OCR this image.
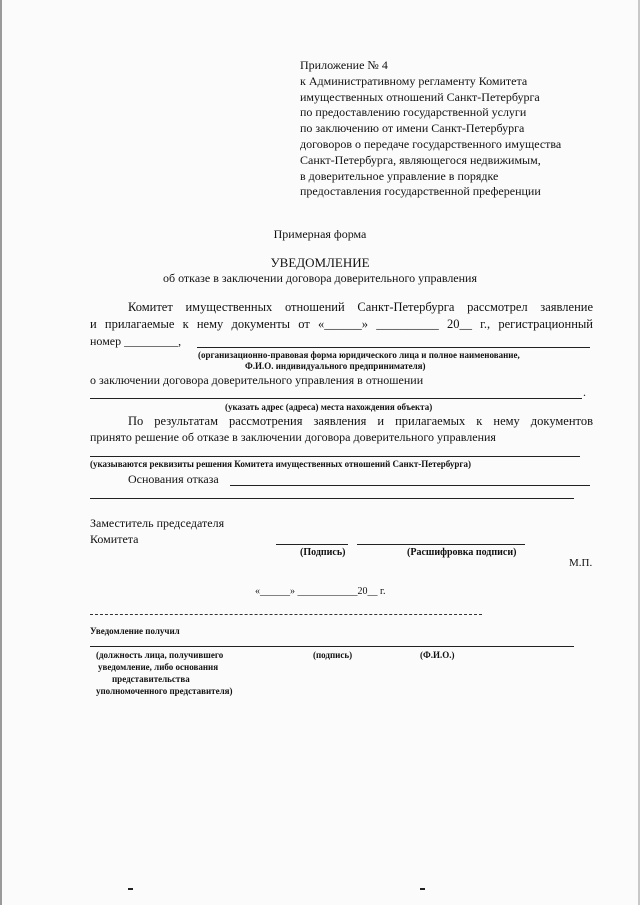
Приложение № 4
к Административному регламенту Комитета
имущественных отношений Санкт-Петербурга
по предоставлению государственной услуги
по заключению от имени Санкт-Петербурга
договоров о передаче государственного имущества
Санкт-Петербурга, являющегося недвижимым,
в доверительное управление в порядке
предоставления государственной преференции
Примерная форма
УВЕДОМЛЕНИЕ
об отказе в заключении договора доверительного управления
Комитет имущественных отношений Санкт-Петербурга рассмотрел заявление
и прилагаемые к нему документы от «______» __________ 20__ г., регистрационный
номер _________,
(организационно-правовая форма юридического лица и полное наименование,
Ф.И.О. индивидуального предпринимателя)
о заключении договора доверительного управления в отношении
.
(указать адрес (адреса) места нахождения объекта)
По результатам рассмотрения заявления и прилагаемых к нему документов
принято решение об отказе в заключении договора доверительного управления
(указываются реквизиты решения Комитета имущественных отношений Санкт-Петербурга)
Основания отказа
Заместитель председателя
Комитета
(Подпись)	(Расшифровка подписи)
М.П.
«______» ____________20__ г.
Уведомление получил
(должность лица, получившего
уведомление, либо основания
представительства
уполномоченного представителя)
(подпись)	(Ф.И.О.)
